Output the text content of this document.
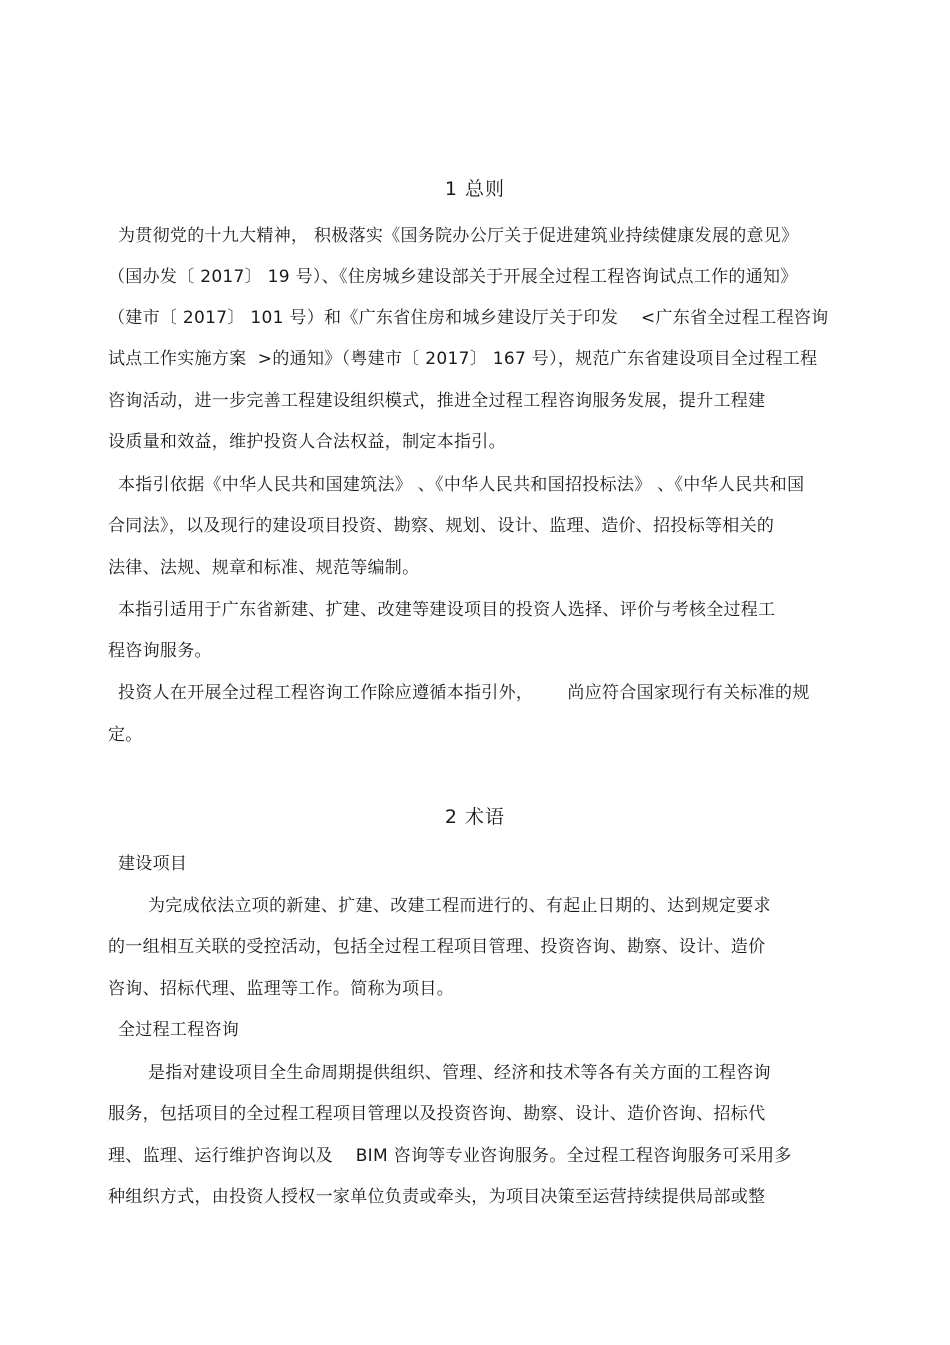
1 总则
为贯彻党的十九大精神， 积极落实《国务院办公厅关于促进建筑业持续健康发展的意见》
（国办发〔 2017〕 19 号）、《住房城乡建设部关于开展全过程工程咨询试点工作的通知》
（建市〔 2017〕 101 号）和《广东省住房和城乡建设厅关于印发    <广东省全过程工程咨询
试点工作实施方案  >的通知》（粤建市〔 2017〕 167 号），规范广东省建设项目全过程工程
咨询活动，进一步完善工程建设组织模式，推进全过程工程咨询服务发展，提升工程建
设质量和效益，维护投资人合法权益，制定本指引。
本指引依据《中华人民共和国建筑法》 、《中华人民共和国招投标法》 、《中华人民共和国
合同法》，以及现行的建设项目投资、勘察、规划、设计、监理、造价、招投标等相关的
法律、法规、规章和标准、规范等编制。
本指引适用于广东省新建、扩建、改建等建设项目的投资人选择、评价与考核全过程工
程咨询服务。
投资人在开展全过程工程咨询工作除应遵循本指引外，      尚应符合国家现行有关标准的规
定。
2 术语
建设项目
为完成依法立项的新建、扩建、改建工程而进行的、有起止日期的、达到规定要求
的一组相互关联的受控活动，包括全过程工程项目管理、投资咨询、勘察、设计、造价
咨询、招标代理、监理等工作。简称为项目。
全过程工程咨询
是指对建设项目全生命周期提供组织、管理、经济和技术等各有关方面的工程咨询
服务，包括项目的全过程工程项目管理以及投资咨询、勘察、设计、造价咨询、招标代
理、监理、运行维护咨询以及    BIM 咨询等专业咨询服务。全过程工程咨询服务可采用多
种组织方式，由投资人授权一家单位负责或牵头，为项目决策至运营持续提供局部或整
